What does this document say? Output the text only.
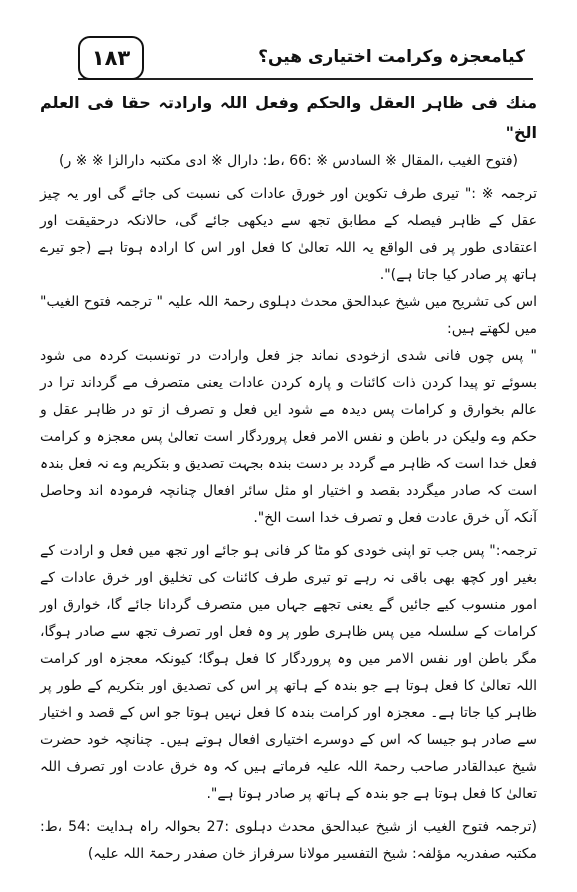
١٨٣	کیامعجزہ وکرامت اختیاری ھیں؟

منك فی ظاہر العقل والحکم وفعل اللہ وارادتہ حقا فی العلم الخ"

(فتوح الغیب ،المقال ※ السادس ※ :66 ،ط: دارال ※ ادی مکتبہ دارالزا ※ ※ ر)

ترجمہ ※ :" تیری طرف تکوین اور خورق عادات کی نسبت کی جائے گی اور یہ چیز عقل کے ظاہر فیصلہ کے مطابق تجھ سے دیکھی جائے گی، حالانکہ درحقیقت اور اعتقادی طور پر فی الواقع یہ اللہ تعالیٰ کا فعل اور اس کا ارادہ ہوتا ہے (جو تیرے ہاتھ پر صادر کیا جاتا ہے)".

اس کی تشریح میں شیخ عبدالحق محدث دہلوی رحمۃ اللہ علیہ " ترجمہ فتوح الغیب" میں لکھتے ہیں:

" پس چوں فانی شدی ازخودی نماند جز فعل وارادت در تونسبت کردہ می شود بسوئے تو پیدا کردن ذات کائنات و پارہ کردن عادات یعنی متصرف مے گرداند ترا در عالم بخوارق و کرامات پس دیدہ مے شود ایں فعل و تصرف از تو در ظاہر عقل و حکم وے ولیکن در باطن و نفس الامر فعل پروردگار است تعالیٰ پس معجزہ و کرامت فعل خدا است کہ ظاہر مے گردد بر دست بندہ بجہت تصدیق و بتکریم وے نہ فعل بندہ است کہ صادر میگردد بقصد و اختیار او مثل سائر افعال چنانچہ فرمودہ اند وحاصل آنکہ آں خرق عادت فعل و تصرف خدا است الخ".

ترجمہ:" پس جب تو اپنی خودی کو مٹا کر فانی ہو جائے اور تجھ میں فعل و ارادت کے بغیر اور کچھ بھی باقی نہ رہے تو تیری طرف کائنات کی تخلیق اور خرق عادات کے امور منسوب کیے جائیں گے یعنی تجھے جہاں میں متصرف گردانا جائے گا، خوارق اور کرامات کے سلسلہ میں پس ظاہری طور پر وہ فعل اور تصرف تجھ سے صادر ہوگا، مگر باطن اور نفس الامر میں وہ پروردگار کا فعل ہوگا؛ کیونکہ معجزہ اور کرامت اللہ تعالیٰ کا فعل ہوتا ہے جو بندہ کے ہاتھ پر اس کی تصدیق اور بتکریم کے طور پر ظاہر کیا جاتا ہے۔ معجزہ اور کرامت بندہ کا فعل نہیں ہوتا جو اس کے قصد و اختیار سے صادر ہو جیسا کہ اس کے دوسرے اختیاری افعال ہوتے ہیں۔ چنانچہ خود حضرت شیخ عبدالقادر صاحب رحمۃ اللہ علیہ فرماتے ہیں کہ وہ خرق عادت اور تصرف اللہ تعالیٰ کا فعل ہوتا ہے جو بندہ کے ہاتھ پر صادر ہوتا ہے".

(ترجمہ فتوح الغیب از شیخ عبدالحق محدث دہلوی :27 بحوالہ راہ ہدایت :54 ،ط: مکتبہ صفدریہ مؤلفہ: شیخ التفسیر مولانا سرفراز خان صفدر رحمۃ اللہ علیہ)
